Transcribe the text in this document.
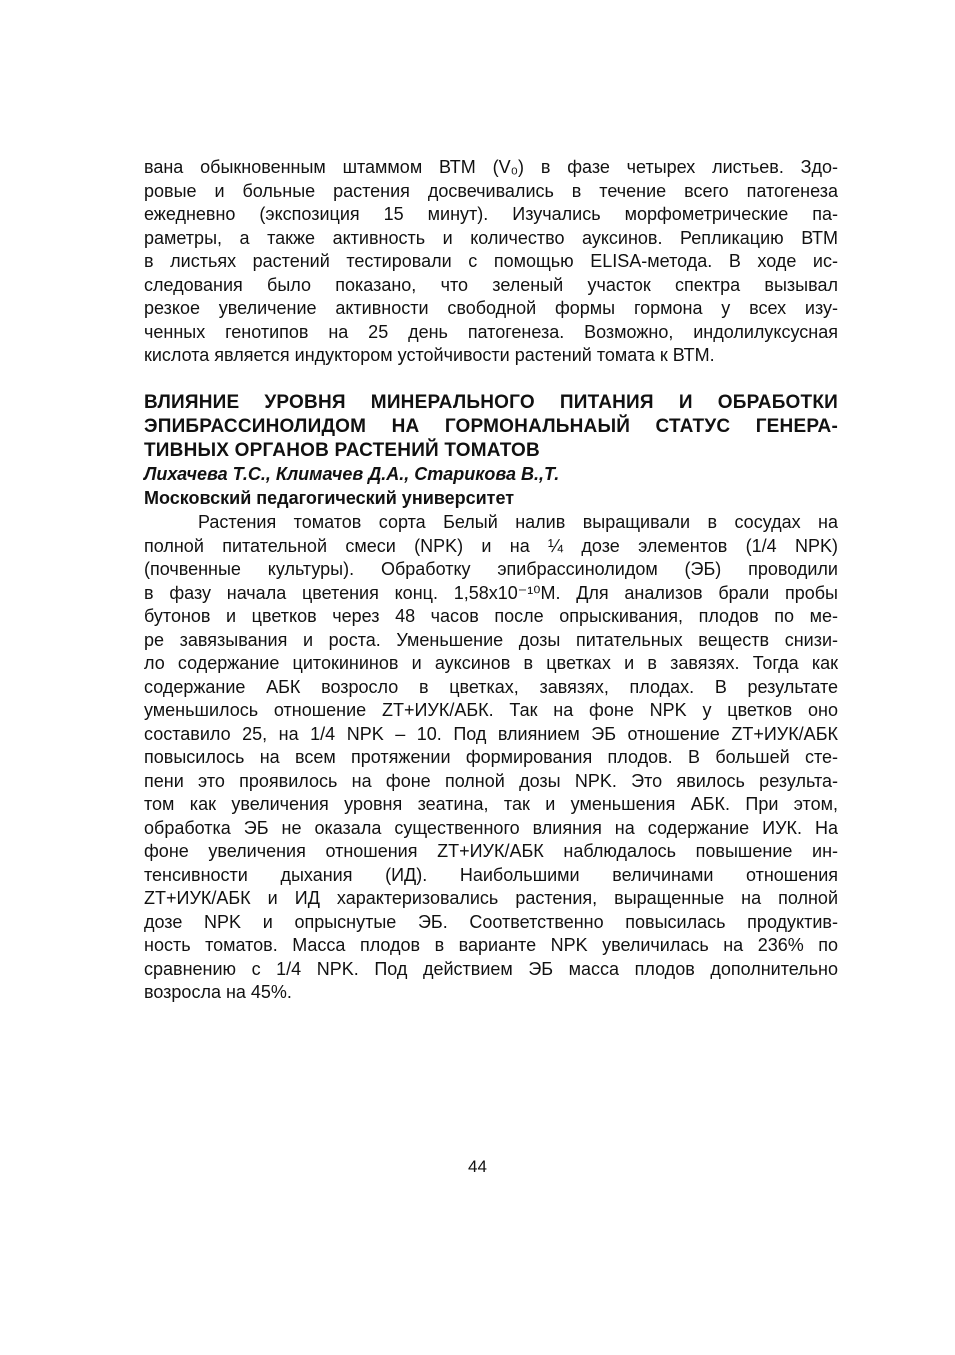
вана обыкновенным штаммом ВТМ (V₀) в фазе четырех листьев. Здо-
ровые и больные растения досвечивались в течение всего патогенеза
ежедневно (экспозиция 15 минут). Изучались морфометрические па-
раметры, а также активность и количество ауксинов. Репликацию ВТМ
в листьях растений тестировали с помощью ELISA-метода. В ходе ис-
следования было показано, что зеленый участок спектра вызывал
резкое увеличение активности свободной формы гормона у всех изу-
ченных генотипов на 25 день патогенеза. Возможно, индолилуксусная
кислота является индуктором устойчивости растений томата к ВТМ.
ВЛИЯНИЕ УРОВНЯ МИНЕРАЛЬНОГО ПИТАНИЯ И ОБРАБОТКИ
ЭПИБРАССИНОЛИДОМ НА ГОРМОНАЛЬНАЫЙ СТАТУС ГЕНЕРА-
ТИВНЫХ ОРГАНОВ РАСТЕНИЙ ТОМАТОВ

Лихачева Т.С., Климачев Д.А., Старикова В.,Т.

Московский педагогический университет

Растения томатов сорта Белый налив выращивали в сосудах на
полной питательной смеси (NPK) и на ¼ дозе элементов (1/4 NPK)
(почвенные культуры). Обработку эпибрассинолидом (ЭБ) проводили
в фазу начала цветения конц. 1,58х10⁻¹⁰М. Для анализов брали пробы
бутонов и цветков через 48 часов после опрыскивания, плодов по ме-
ре завязывания и роста. Уменьшение дозы питательных веществ снизи-
ло содержание цитокининов и ауксинов в цветках и в завязях. Тогда как
содержание АБК возросло в цветках, завязях, плодах. В результате
уменьшилось отношение ZT+ИУК/АБК. Так на фоне NPK у цветков оно
составило 25, на 1/4 NPK – 10. Под влиянием ЭБ отношение ZT+ИУК/АБК
повысилось на всем протяжении формирования плодов. В большей сте-
пени это проявилось на фоне полной дозы NPK. Это явилось результа-
том как увеличения уровня зеатина, так и уменьшения АБК. При этом,
обработка ЭБ не оказала существенного влияния на содержание ИУК. На
фоне увеличения отношения ZT+ИУК/АБК наблюдалось повышение ин-
тенсивности дыхания (ИД). Наибольшими величинами отношения
ZT+ИУК/АБК и ИД характеризовались растения, выращенные на полной
дозе NPK и опрыснутые ЭБ. Соответственно повысилась продуктив-
ность томатов. Масса плодов в варианте NPK увеличилась на 236% по
сравнению с 1/4 NPK. Под действием ЭБ масса плодов дополнительно
возросла на 45%.

44
